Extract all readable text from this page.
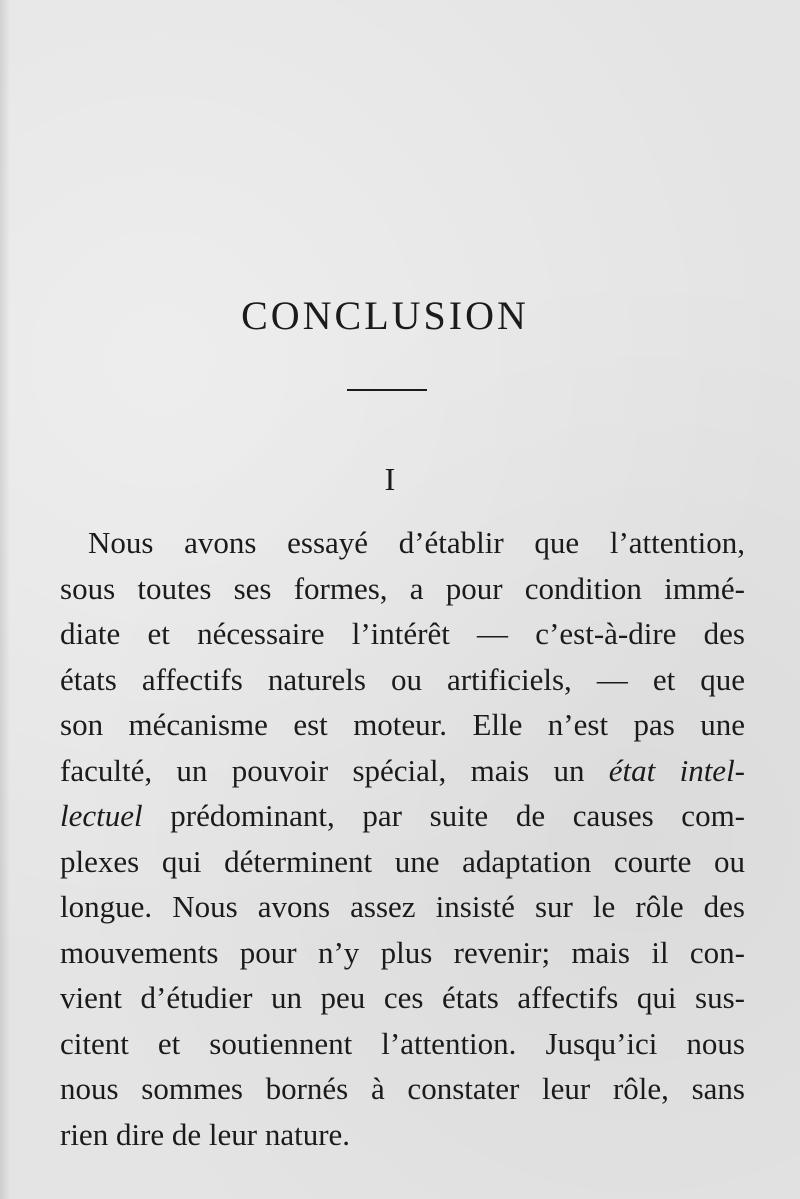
CONCLUSION
I
Nous avons essayé d’établir que l’attention,
sous toutes ses formes, a pour condition immé-
diate et nécessaire l’intérêt — c’est-à-dire des
états affectifs naturels ou artificiels, — et que
son mécanisme est moteur. Elle n’est pas une
faculté, un pouvoir spécial, mais un état intel-
lectuel prédominant, par suite de causes com-
plexes qui déterminent une adaptation courte ou
longue. Nous avons assez insisté sur le rôle des
mouvements pour n’y plus revenir; mais il con-
vient d’étudier un peu ces états affectifs qui sus-
citent et soutiennent l’attention. Jusqu’ici nous
nous sommes bornés à constater leur rôle, sans
rien dire de leur nature.
